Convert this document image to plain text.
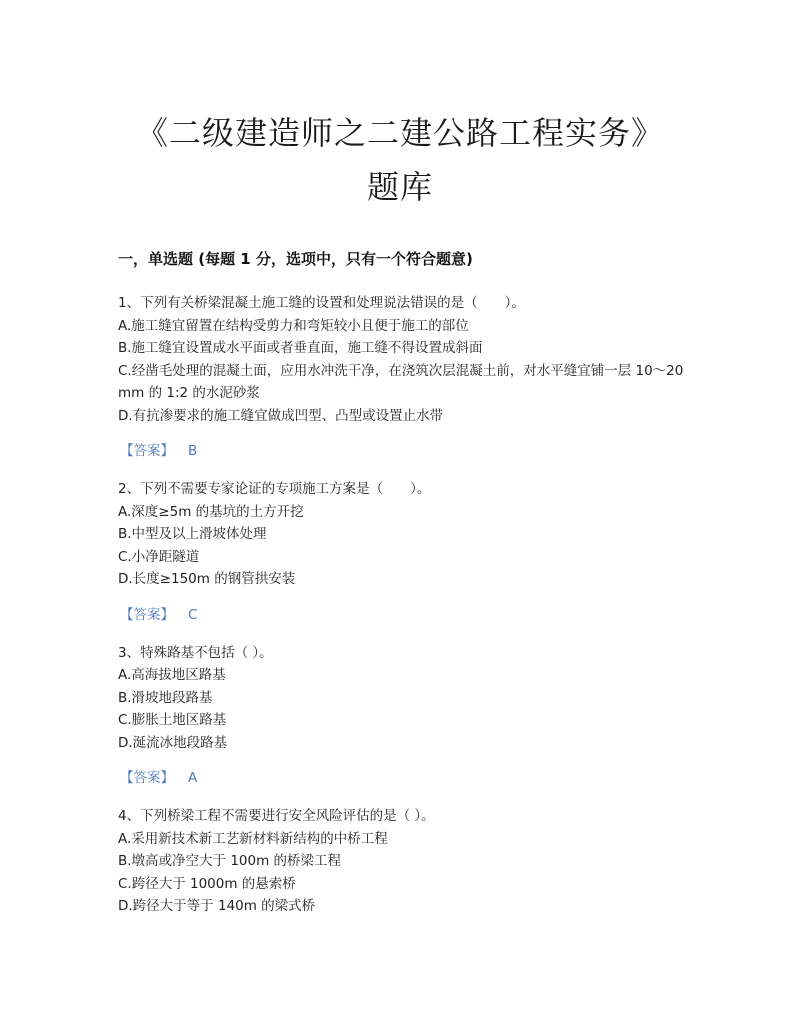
《二级建造师之二建公路工程实务》
题库
一，单选题 (每题 1 分，选项中，只有一个符合题意)
1、下列有关桥梁混凝土施工缝的设置和处理说法错误的是（　　）。
A.施工缝宜留置在结构受剪力和弯矩较小且便于施工的部位
B.施工缝宜设置成水平面或者垂直面，施工缝不得设置成斜面
C.经凿毛处理的混凝土面，应用水冲洗干净，在浇筑次层混凝土前，对水平缝宜铺一层 10～20mm 的 1:2 的水泥砂浆
D.有抗渗要求的施工缝宜做成凹型、凸型或设置止水带
【答案】 B
2、下列不需要专家论证的专项施工方案是（　　）。
A.深度≥5m 的基坑的土方开挖
B.中型及以上滑坡体处理
C.小净距隧道
D.长度≥150m 的钢管拱安装
【答案】 C
3、特殊路基不包括（ ）。
A.高海拔地区路基
B.滑坡地段路基
C.膨胀土地区路基
D.涎流冰地段路基
【答案】 A
4、下列桥梁工程不需要进行安全风险评估的是（ ）。
A.采用新技术新工艺新材料新结构的中桥工程
B.墩高或净空大于 100m 的桥梁工程
C.跨径大于 1000m 的悬索桥
D.跨径大于等于 140m 的梁式桥
